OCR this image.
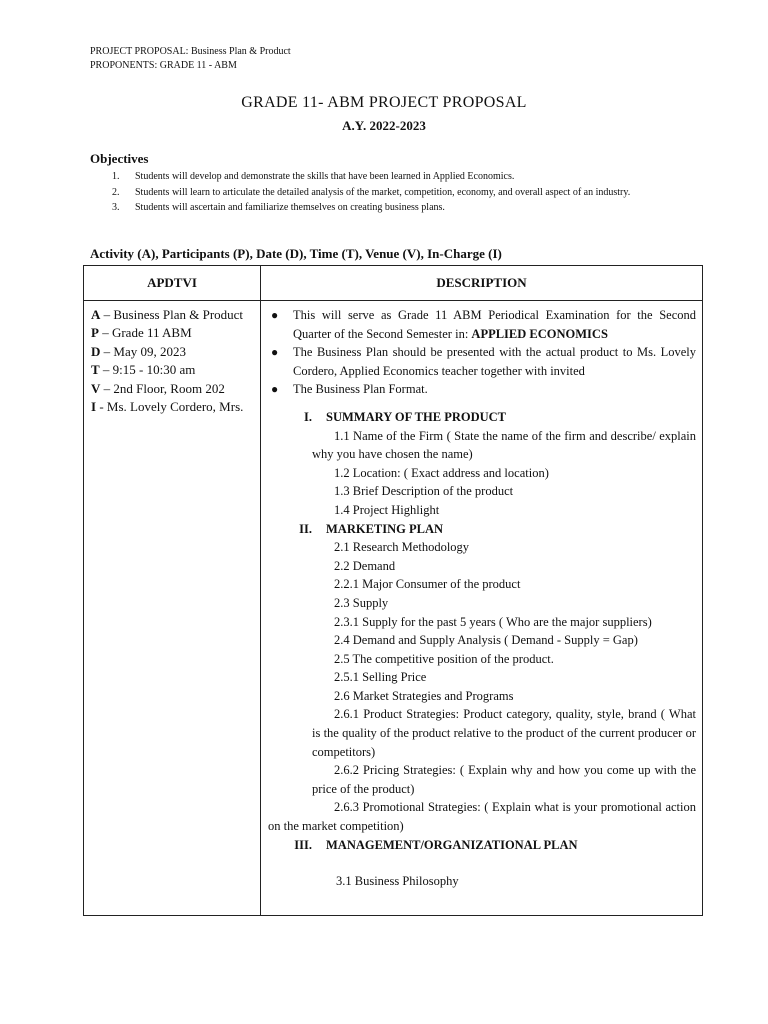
PROJECT PROPOSAL: Business Plan & Product
PROPONENTS: GRADE 11 - ABM
GRADE 11- ABM PROJECT PROPOSAL
A.Y. 2022-2023
Objectives
1. Students will develop and demonstrate the skills that have been learned in Applied Economics.
2. Students will learn to articulate the detailed analysis of the market, competition, economy, and overall aspect of an industry.
3. Students will ascertain and familiarize themselves on creating business plans.
Activity (A), Participants (P), Date (D), Time (T), Venue (V), In-Charge (I)
APDTVI	DESCRIPTION
A – Business Plan & Product
P – Grade 11 ABM
D – May 09, 2023
T – 9:15 - 10:30 am
V – 2nd Floor, Room 202
I - Ms. Lovely Cordero, Mrs.
● This will serve as Grade 11 ABM Periodical Examination for the Second Quarter of the Second Semester in: APPLIED ECONOMICS
● The Business Plan should be presented with the actual product to Ms. Lovely Cordero, Applied Economics teacher together with invited
● The Business Plan Format.
I. SUMMARY OF THE PRODUCT
1.1 Name of the Firm ( State the name of the firm and describe/ explain why you have chosen the name)
1.2 Location: ( Exact address and location)
1.3 Brief Description of the product
1.4 Project Highlight
II. MARKETING PLAN
2.1 Research Methodology
2.2 Demand
2.2.1 Major Consumer of the product
2.3 Supply
2.3.1 Supply for the past 5 years ( Who are the major suppliers)
2.4 Demand and Supply Analysis ( Demand - Supply = Gap)
2.5 The competitive position of the product.
2.5.1 Selling Price
2.6 Market Strategies and Programs
2.6.1 Product Strategies: Product category, quality, style, brand ( What is the quality of the product relative to the product of the current producer or competitors)
2.6.2 Pricing Strategies: ( Explain why and how you come up with the price of the product)
2.6.3 Promotional Strategies: ( Explain what is your promotional action on the market competition)
III. MANAGEMENT/ORGANIZATIONAL PLAN
3.1 Business Philosophy
